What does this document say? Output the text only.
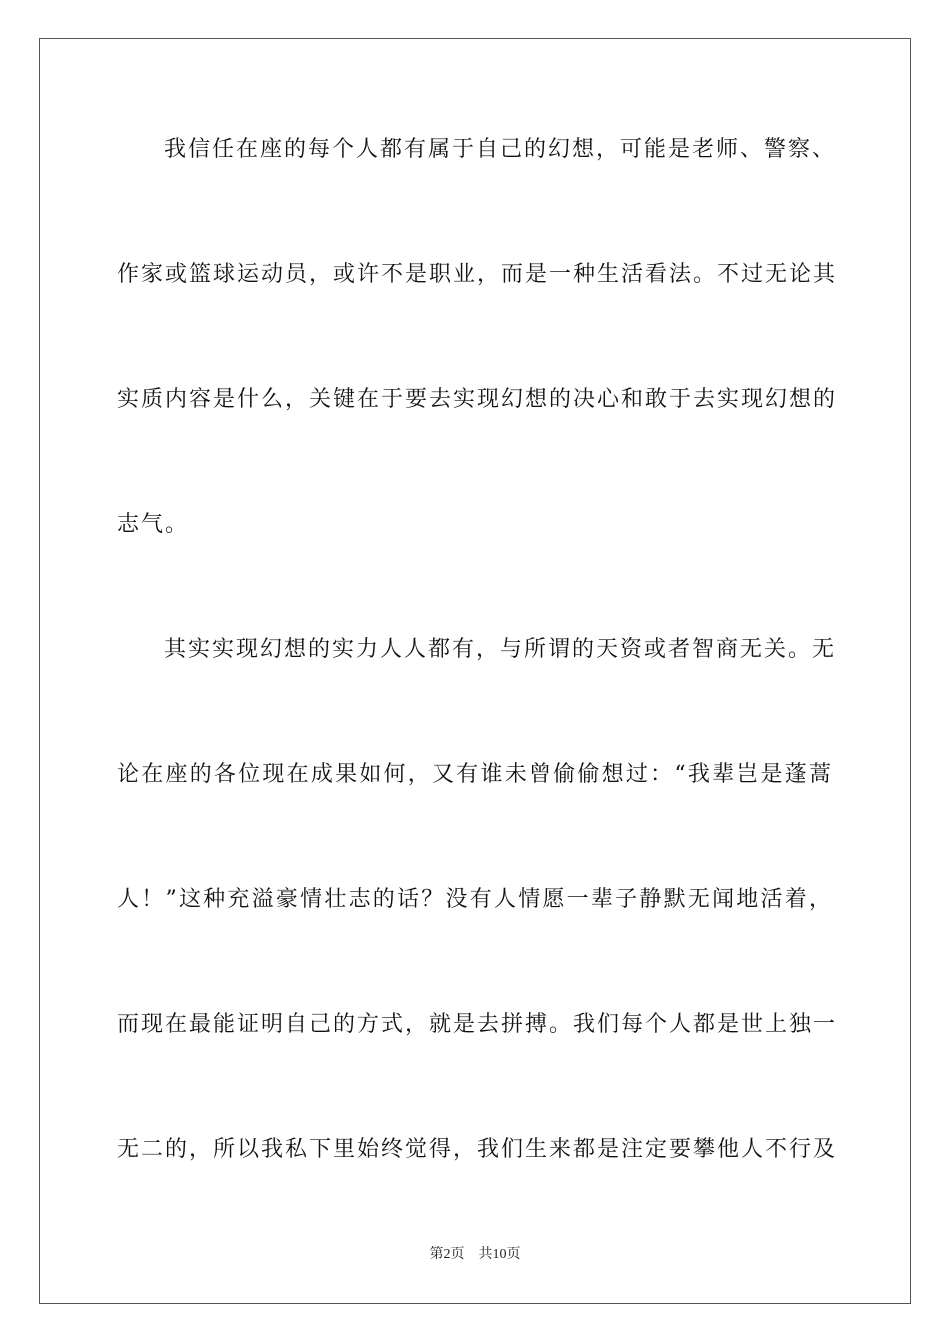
我信任在座的每个人都有属于自己的幻想，可能是老师、警察、
作家或篮球运动员，或许不是职业，而是一种生活看法。不过无论其
实质内容是什么，关键在于要去实现幻想的决心和敢于去实现幻想的
志气。
其实实现幻想的实力人人都有，与所谓的天资或者智商无关。无
论在座的各位现在成果如何，又有谁未曾偷偷想过：“我辈岂是蓬蒿
人！”这种充溢豪情壮志的话？没有人情愿一辈子静默无闻地活着，
而现在最能证明自己的方式，就是去拼搏。我们每个人都是世上独一
无二的，所以我私下里始终觉得，我们生来都是注定要攀他人不行及
第2页 共10页
